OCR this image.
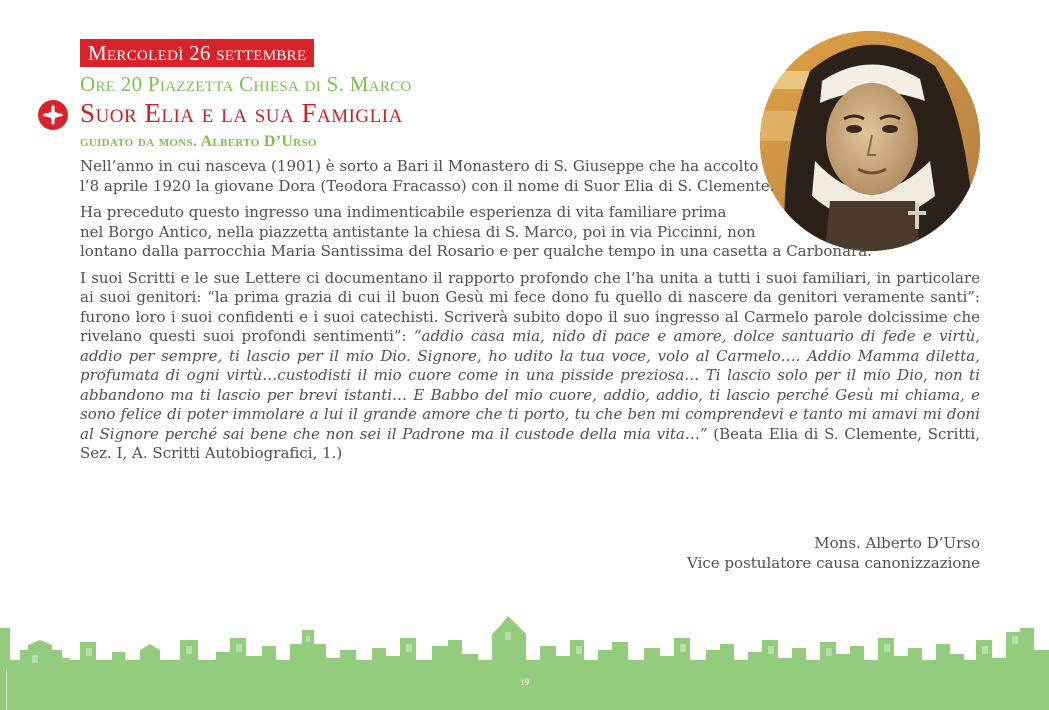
Mercoledì 26 settembre
Ore 20 Piazzetta Chiesa di S. Marco
Suor Elia e la sua Famiglia
guidato da mons. Alberto D’Urso

Nell’anno in cui nasceva (1901) è sorto a Bari il Monastero di S. Giuseppe che ha accolto l’8 aprile 1920 la giovane Dora (Teodora Fracasso) con il nome di Suor Elia di S. Clemente.

Ha preceduto questo ingresso una indimenticabile esperienza di vita familiare prima
nel Borgo Antico, nella piazzetta antistante la chiesa di S. Marco, poi in via Piccinni, non
lontano dalla parrocchia Maria Santissima del Rosario e per qualche tempo in una casetta a Carbonara.

I suoi Scritti e le sue Lettere ci documentano il rapporto profondo che l’ha unita a tutti i suoi familiari, in particolare ai suoi genitori: “la prima grazia di cui il buon Gesù mi fece dono fu quello di nascere da genitori veramente santi”: furono loro i suoi confidenti e i suoi catechisti. Scriverà subito dopo il suo ingresso al Carmelo parole dolcissime che rivelano questi suoi profondi sentimenti”: “addio casa mia, nido di pace e amore, dolce santuario di fede e virtù, addio per sempre, ti lascio per il mio Dio. Signore, ho udito la tua voce, volo al Carmelo…. Addio Mamma diletta, profumata di ogni virtù…custodisti il mio cuore come in una pisside preziosa… Ti lascio solo per il mio Dio, non ti abbandono ma ti lascio per brevi istanti… E Babbo del mio cuore, addio, addio, ti lascio perché Gesù mi chiama, e sono felice di poter immolare a lui il grande amore che ti porto, tu che ben mi comprendevi e tanto mi amavi mi doni al Signore perché sai bene che non sei il Padrone ma il custode della mia vita…” (Beata Elia di S. Clemente, Scritti, Sez. I, A. Scritti Autobiografici, 1.)

Mons. Alberto D’Urso
Vice postulatore causa canonizzazione
19
